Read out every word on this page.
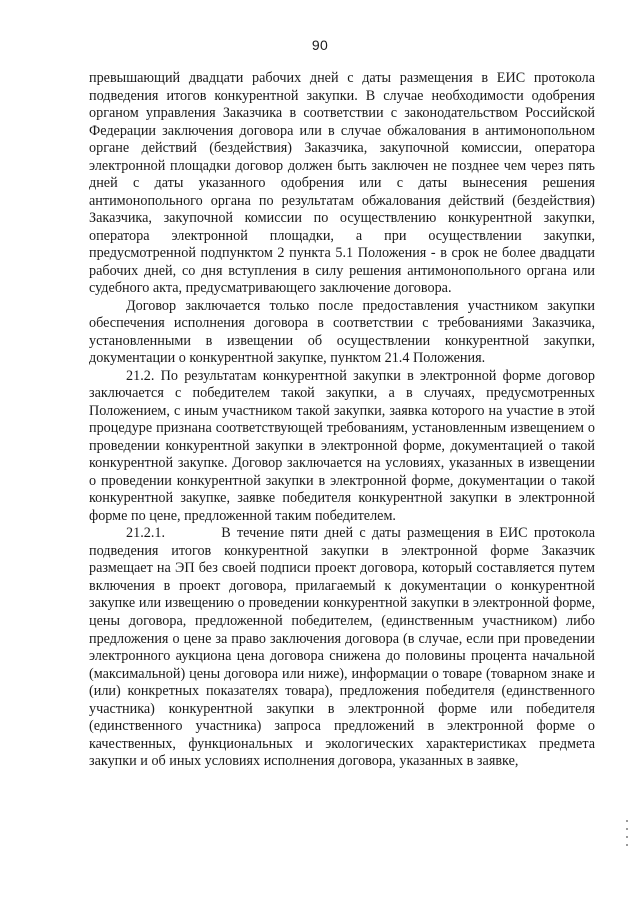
90

превышающий двадцати рабочих дней с даты размещения в ЕИС протокола подведения итогов конкурентной закупки. В случае необходимости одобрения органом управления Заказчика в соответствии с законодательством Российской Федерации заключения договора или в случае обжалования в антимонопольном органе действий (бездействия) Заказчика, закупочной комиссии, оператора электронной площадки договор должен быть заключен не позднее чем через пять дней с даты указанного одобрения или с даты вынесения решения антимонопольного органа по результатам обжалования действий (бездействия) Заказчика, закупочной комиссии по осуществлению конкурентной закупки, оператора электронной площадки, а при осуществлении закупки, предусмотренной подпунктом 2 пункта 5.1 Положения - в срок не более двадцати рабочих дней, со дня вступления в силу решения антимонопольного органа или судебного акта, предусматривающего заключение договора.

Договор заключается только после предоставления участником закупки обеспечения исполнения договора в соответствии с требованиями Заказчика, установленными в извещении об осуществлении конкурентной закупки, документации о конкурентной закупке, пунктом 21.4 Положения.

21.2. По результатам конкурентной закупки в электронной форме договор заключается с победителем такой закупки, а в случаях, предусмотренных Положением, с иным участником такой закупки, заявка которого на участие в этой процедуре признана соответствующей требованиям, установленным извещением о проведении конкурентной закупки в электронной форме, документацией о такой конкурентной закупке. Договор заключается на условиях, указанных в извещении о проведении конкурентной закупки в электронной форме, документации о такой конкурентной закупке, заявке победителя конкурентной закупки в электронной форме по цене, предложенной таким победителем.

21.2.1.         В течение пяти дней с даты размещения в ЕИС протокола подведения итогов конкурентной закупки в электронной форме Заказчик размещает на ЭП без своей подписи проект договора, который составляется путем включения в проект договора, прилагаемый к документации о конкурентной закупке или извещению о проведении конкурентной закупки в электронной форме, цены договора, предложенной победителем, (единственным участником) либо предложения о цене за право заключения договора (в случае, если при проведении электронного аукциона цена договора снижена до половины процента начальной (максимальной) цены договора или ниже), информации о товаре (товарном знаке и (или) конкретных показателях товара), предложения победителя (единственного участника) конкурентной закупки в электронной форме или победителя (единственного участника) запроса предложений в электронной форме о качественных, функциональных и экологических характеристиках предмета закупки и об иных условиях исполнения договора, указанных в заявке,
